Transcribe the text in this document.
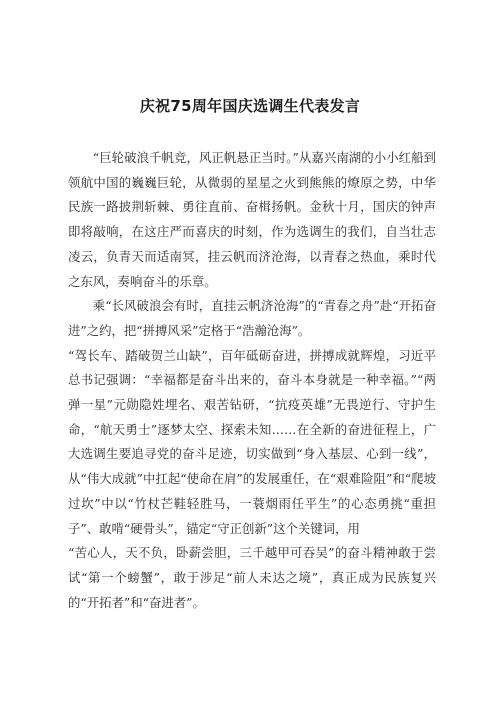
庆祝75周年国庆选调生代表发言

“巨轮破浪千帆竞，风正帆悬正当时。”从嘉兴南湖的小小红船到领航中国的巍巍巨轮，从微弱的星星之火到熊熊的燎原之势，中华民族一路披荆斩棘、勇往直前、奋楫扬帆。金秋十月，国庆的钟声即将敲响，在这庄严而喜庆的时刻，作为选调生的我们，自当壮志凌云，负青天而适南冥，挂云帆而济沧海，以青春之热血，乘时代之东风，奏响奋斗的乐章。

乘“长风破浪会有时，直挂云帆济沧海”的“青春之舟”赴“开拓奋进”之约，把“拼搏风采”定格于“浩瀚沧海”。

“驾长车、踏破贺兰山缺”，百年砥砺奋进，拼搏成就辉煌，习近平总书记强调：“幸福都是奋斗出来的，奋斗本身就是一种幸福。”“两弹一星”元勋隐姓埋名、艰苦钻研，“抗疫英雄”无畏逆行、守护生命，“航天勇士”逐梦太空、探索未知……在全新的奋进征程上，广大选调生要追寻党的奋斗足迹，切实做到“身入基层、心到一线”，从“伟大成就”中扛起“使命在肩”的发展重任，在“艰难险阻”和“爬坡过坎”中以“竹杖芒鞋轻胜马，一蓑烟雨任平生”的心态勇挑“重担子”、敢啃“硬骨头”，锚定“守正创新”这个关键词，用

“苦心人，天不负，卧薪尝胆，三千越甲可吞吴”的奋斗精神敢于尝试“第一个螃蟹”，敢于涉足“前人未达之境”，真正成为民族复兴的“开拓者”和“奋进者”。
